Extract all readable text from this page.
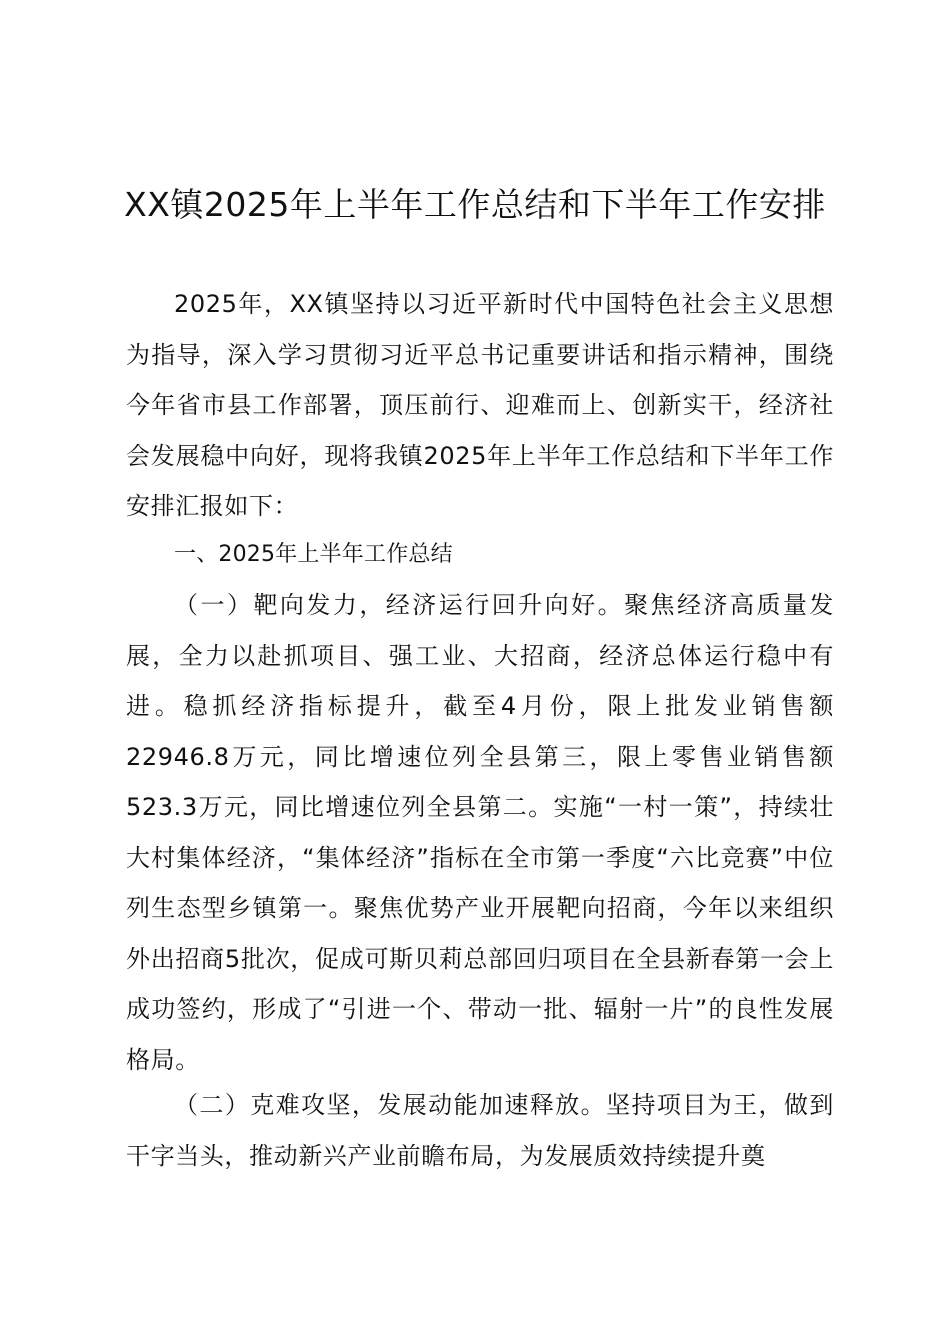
XX镇2025年上半年工作总结和下半年工作安排

2025年，XX镇坚持以习近平新时代中国特色社会主义思想为指导，深入学习贯彻习近平总书记重要讲话和指示精神，围绕今年省市县工作部署，顶压前行、迎难而上、创新实干，经济社会发展稳中向好，现将我镇2025年上半年工作总结和下半年工作安排汇报如下：

一、2025年上半年工作总结

（一）靶向发力，经济运行回升向好。聚焦经济高质量发展，全力以赴抓项目、强工业、大招商，经济总体运行稳中有进。稳抓经济指标提升，截至4月份，限上批发业销售额22946.8万元，同比增速位列全县第三，限上零售业销售额523.3万元，同比增速位列全县第二。实施“一村一策”，持续壮大村集体经济，“集体经济”指标在全市第一季度“六比竞赛”中位列生态型乡镇第一。聚焦优势产业开展靶向招商，今年以来组织外出招商5批次，促成可斯贝莉总部回归项目在全县新春第一会上成功签约，形成了“引进一个、带动一批、辐射一片”的良性发展格局。

（二）克难攻坚，发展动能加速释放。坚持项目为王，做到干字当头，推动新兴产业前瞻布局，为发展质效持续提升奠
